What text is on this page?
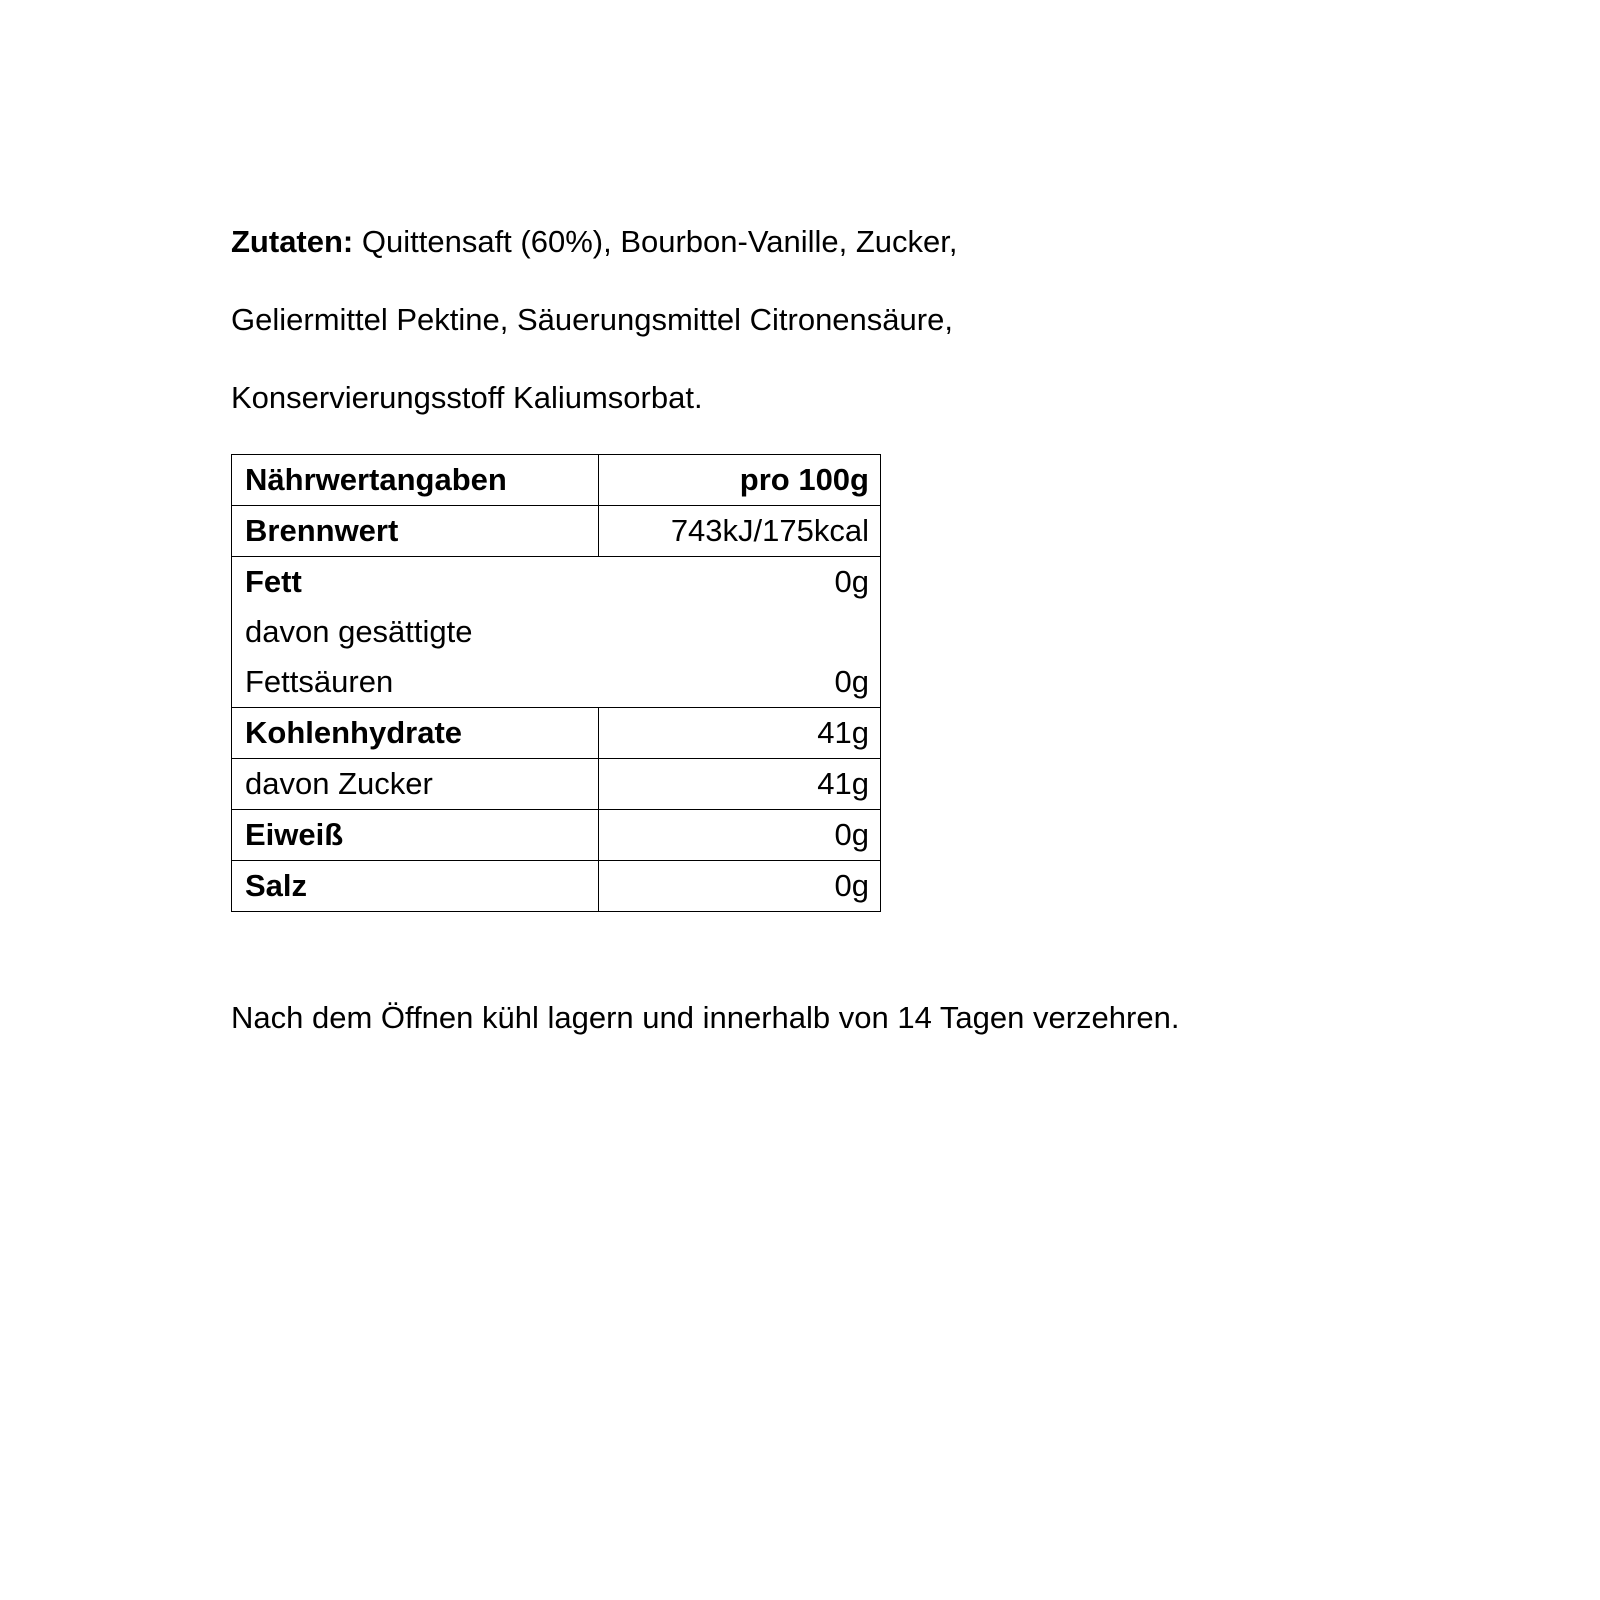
Zutaten: Quittensaft (60%), Bourbon-Vanille, Zucker,
Geliermittel Pektine, Säuerungsmittel Citronensäure,
Konservierungsstoff Kaliumsorbat.
Nährwertangaben	pro 100g
Brennwert	743kJ/175kcal

Fett 0g
davon gesättigte
Fettsäuren 0g	

Kohlenhydrate	41g
davon Zucker	41g
Eiweiß	0g
Salz	0g
Nach dem Öffnen kühl lagern und innerhalb von 14 Tagen verzehren.
